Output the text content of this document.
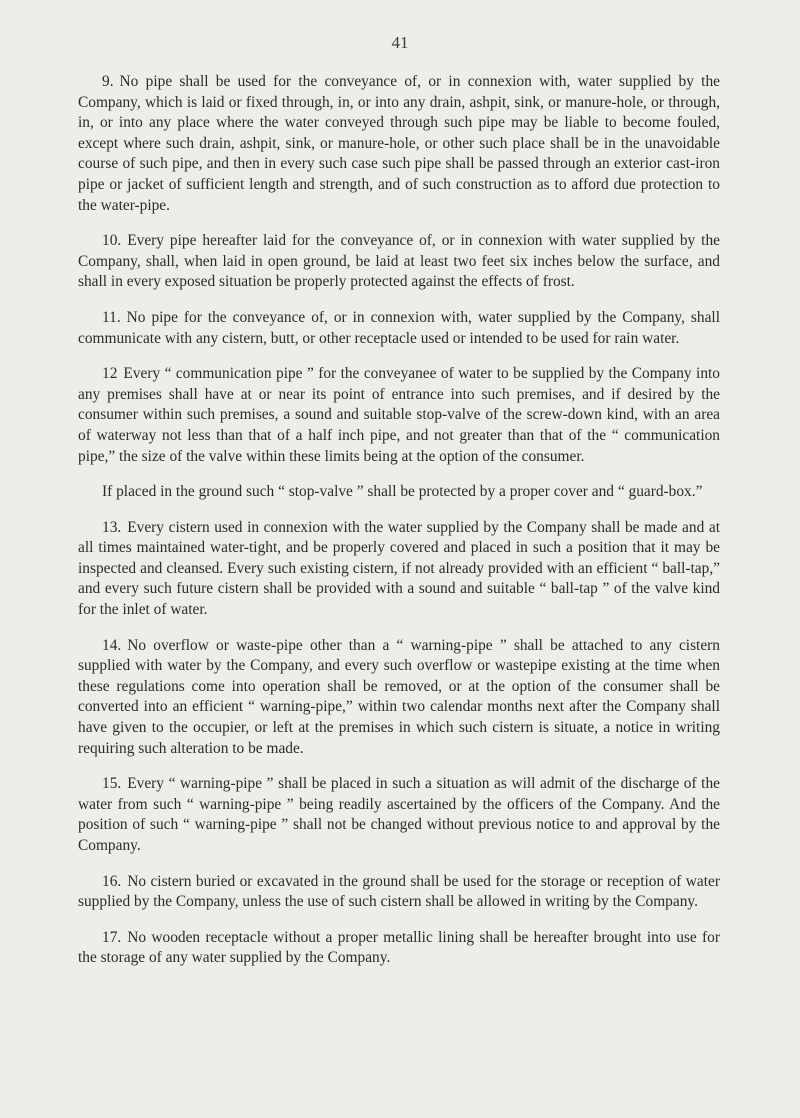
41

9. No pipe shall be used for the conveyance of, or in connexion with, water supplied by the Company, which is laid or fixed through, in, or into any drain, ashpit, sink, or manure-hole, or through, in, or into any place where the water conveyed through such pipe may be liable to become fouled, except where such drain, ashpit, sink, or manure-hole, or other such place shall be in the unavoidable course of such pipe, and then in every such case such pipe shall be passed through an exterior cast-iron pipe or jacket of sufficient length and strength, and of such construction as to afford due protection to the water-pipe.

10. Every pipe hereafter laid for the conveyance of, or in connexion with water supplied by the Company, shall, when laid in open ground, be laid at least two feet six inches below the surface, and shall in every exposed situation be properly protected against the effects of frost.

11. No pipe for the conveyance of, or in connexion with, water supplied by the Company, shall communicate with any cistern, butt, or other receptacle used or intended to be used for rain water.

12 Every “ communication pipe ” for the conveyanee of water to be supplied by the Company into any premises shall have at or near its point of entrance into such premises, and if desired by the consumer within such premises, a sound and suitable stop-valve of the screw-down kind, with an area of waterway not less than that of a half inch pipe, and not greater than that of the “ communication pipe,” the size of the valve within these limits being at the option of the consumer.

If placed in the ground such “ stop-valve ” shall be protected by a proper cover and “ guard-box.”

13. Every cistern used in connexion with the water supplied by the Company shall be made and at all times maintained water-tight, and be properly covered and placed in such a position that it may be inspected and cleansed. Every such existing cistern, if not already provided with an efficient “ ball-tap,” and every such future cistern shall be provided with a sound and suitable “ ball-tap ” of the valve kind for the inlet of water.

14. No overflow or waste-pipe other than a “ warning-pipe ” shall be attached to any cistern supplied with water by the Company, and every such overflow or wastepipe existing at the time when these regulations come into operation shall be removed, or at the option of the consumer shall be converted into an efficient “ warning-pipe,” within two calendar months next after the Company shall have given to the occupier, or left at the premises in which such cistern is situate, a notice in writing requiring such alteration to be made.

15. Every “ warning-pipe ” shall be placed in such a situation as will admit of the discharge of the water from such “ warning-pipe ” being readily ascertained by the officers of the Company. And the position of such “ warning-pipe ” shall not be changed without previous notice to and approval by the Company.

16. No cistern buried or excavated in the ground shall be used for the storage or reception of water supplied by the Company, unless the use of such cistern shall be allowed in writing by the Company.

17. No wooden receptacle without a proper metallic lining shall be hereafter brought into use for the storage of any water supplied by the Company.
